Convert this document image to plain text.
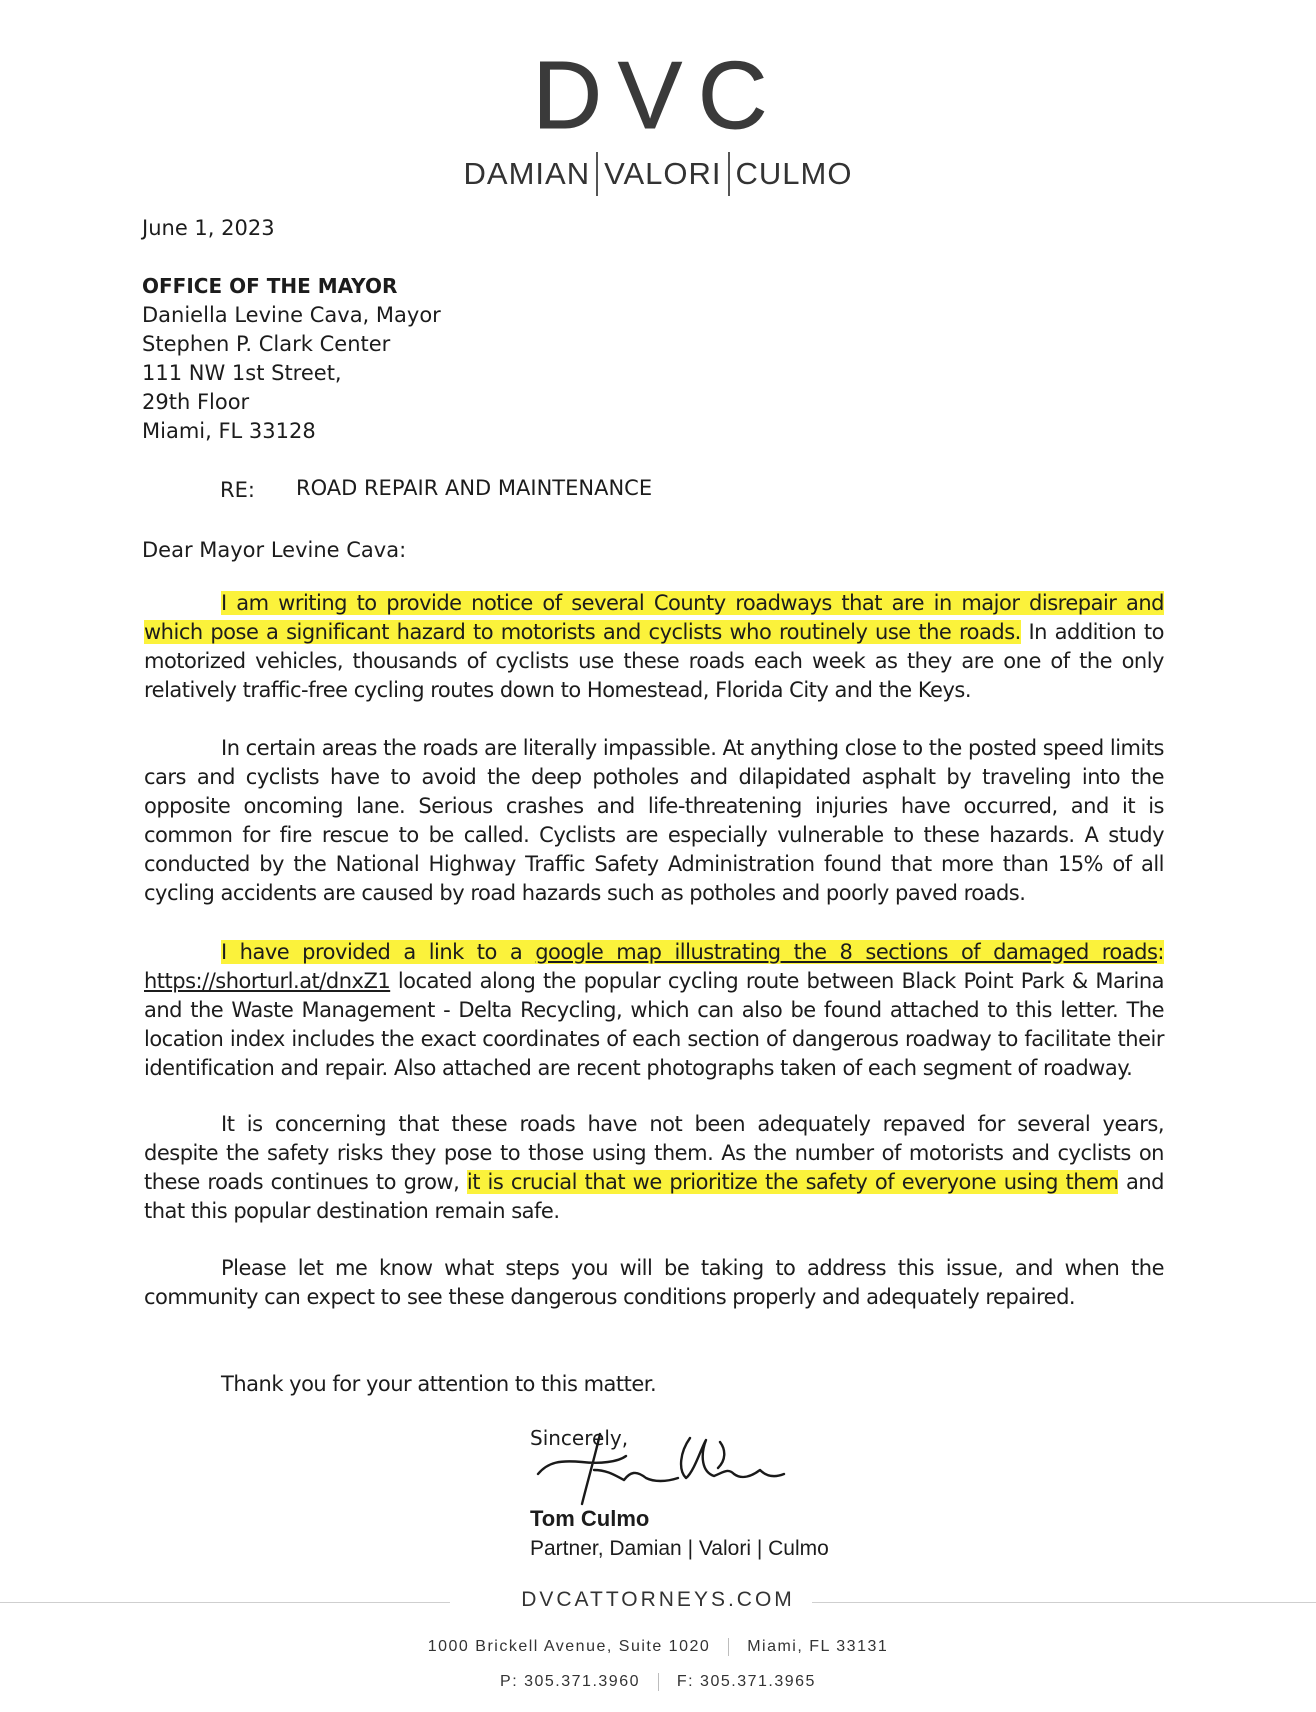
DVC
DAMIAN VALORI CULMO
June 1, 2023
OFFICE OF THE MAYOR
Daniella Levine Cava, Mayor
Stephen P. Clark Center
111 NW 1st Street,
29th Floor
Miami, FL 33128
RE: ROAD REPAIR AND MAINTENANCE
Dear Mayor Levine Cava:

I am writing to provide notice of several County roadways that are in major disrepair and which pose a significant hazard to motorists and cyclists who routinely use the roads. In addition to motorized vehicles, thousands of cyclists use these roads each week as they are one of the only relatively traffic-free cycling routes down to Homestead, Florida City and the Keys.

In certain areas the roads are literally impassible. At anything close to the posted speed limits cars and cyclists have to avoid the deep potholes and dilapidated asphalt by traveling into the opposite oncoming lane. Serious crashes and life-threatening injuries have occurred, and it is common for fire rescue to be called. Cyclists are especially vulnerable to these hazards. A study conducted by the National Highway Traffic Safety Administration found that more than 15% of all cycling accidents are caused by road hazards such as potholes and poorly paved roads.

I have provided a link to a google map illustrating the 8 sections of damaged roads: https://shorturl.at/dnxZ1 located along the popular cycling route between Black Point Park & Marina and the Waste Management - Delta Recycling, which can also be found attached to this letter. The location index includes the exact coordinates of each section of dangerous roadway to facilitate their identification and repair. Also attached are recent photographs taken of each segment of roadway.

It is concerning that these roads have not been adequately repaved for several years, despite the safety risks they pose to those using them. As the number of motorists and cyclists on these roads continues to grow, it is crucial that we prioritize the safety of everyone using them and that this popular destination remain safe.

Please let me know what steps you will be taking to address this issue, and when the community can expect to see these dangerous conditions properly and adequately repaired.

Thank you for your attention to this matter.

Sincerely,
Tom Culmo
Partner, Damian | Valori | Culmo
DVCATTORNEYS.COM
1000 Brickell Avenue, Suite 1020 Miami, FL 33131
P: 305.371.3960 F: 305.371.3965
